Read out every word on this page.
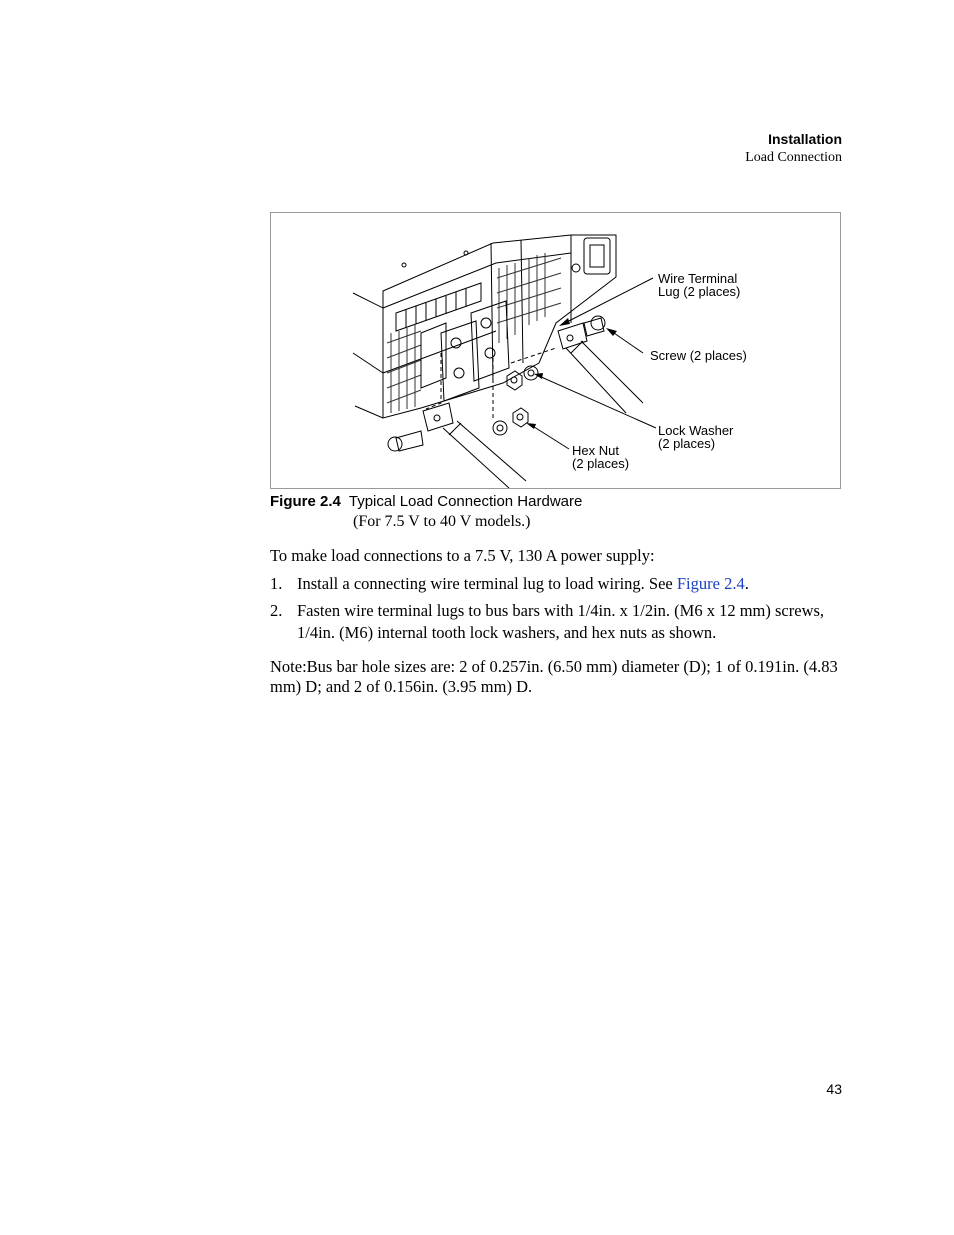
Installation
Load Connection
Wire Terminal
Lug (2 places)
Screw (2 places)
Lock Washer
(2 places)
Hex Nut
(2 places)
Figure 2.4 Typical Load Connection Hardware
(For 7.5 V to 40 V models.)
To make load connections to a 7.5 V, 130 A power supply:
1. Install a connecting wire terminal lug to load wiring. See Figure 2.4.
2. Fasten wire terminal lugs to bus bars with 1/4in. x 1/2in. (M6 x 12 mm) screws, 1/4in. (M6) internal tooth lock washers, and hex nuts as shown.
Note:Bus bar hole sizes are: 2 of 0.257in. (6.50 mm) diameter (D); 1 of 0.191in. (4.83 mm) D; and 2 of 0.156in. (3.95 mm) D.
43
